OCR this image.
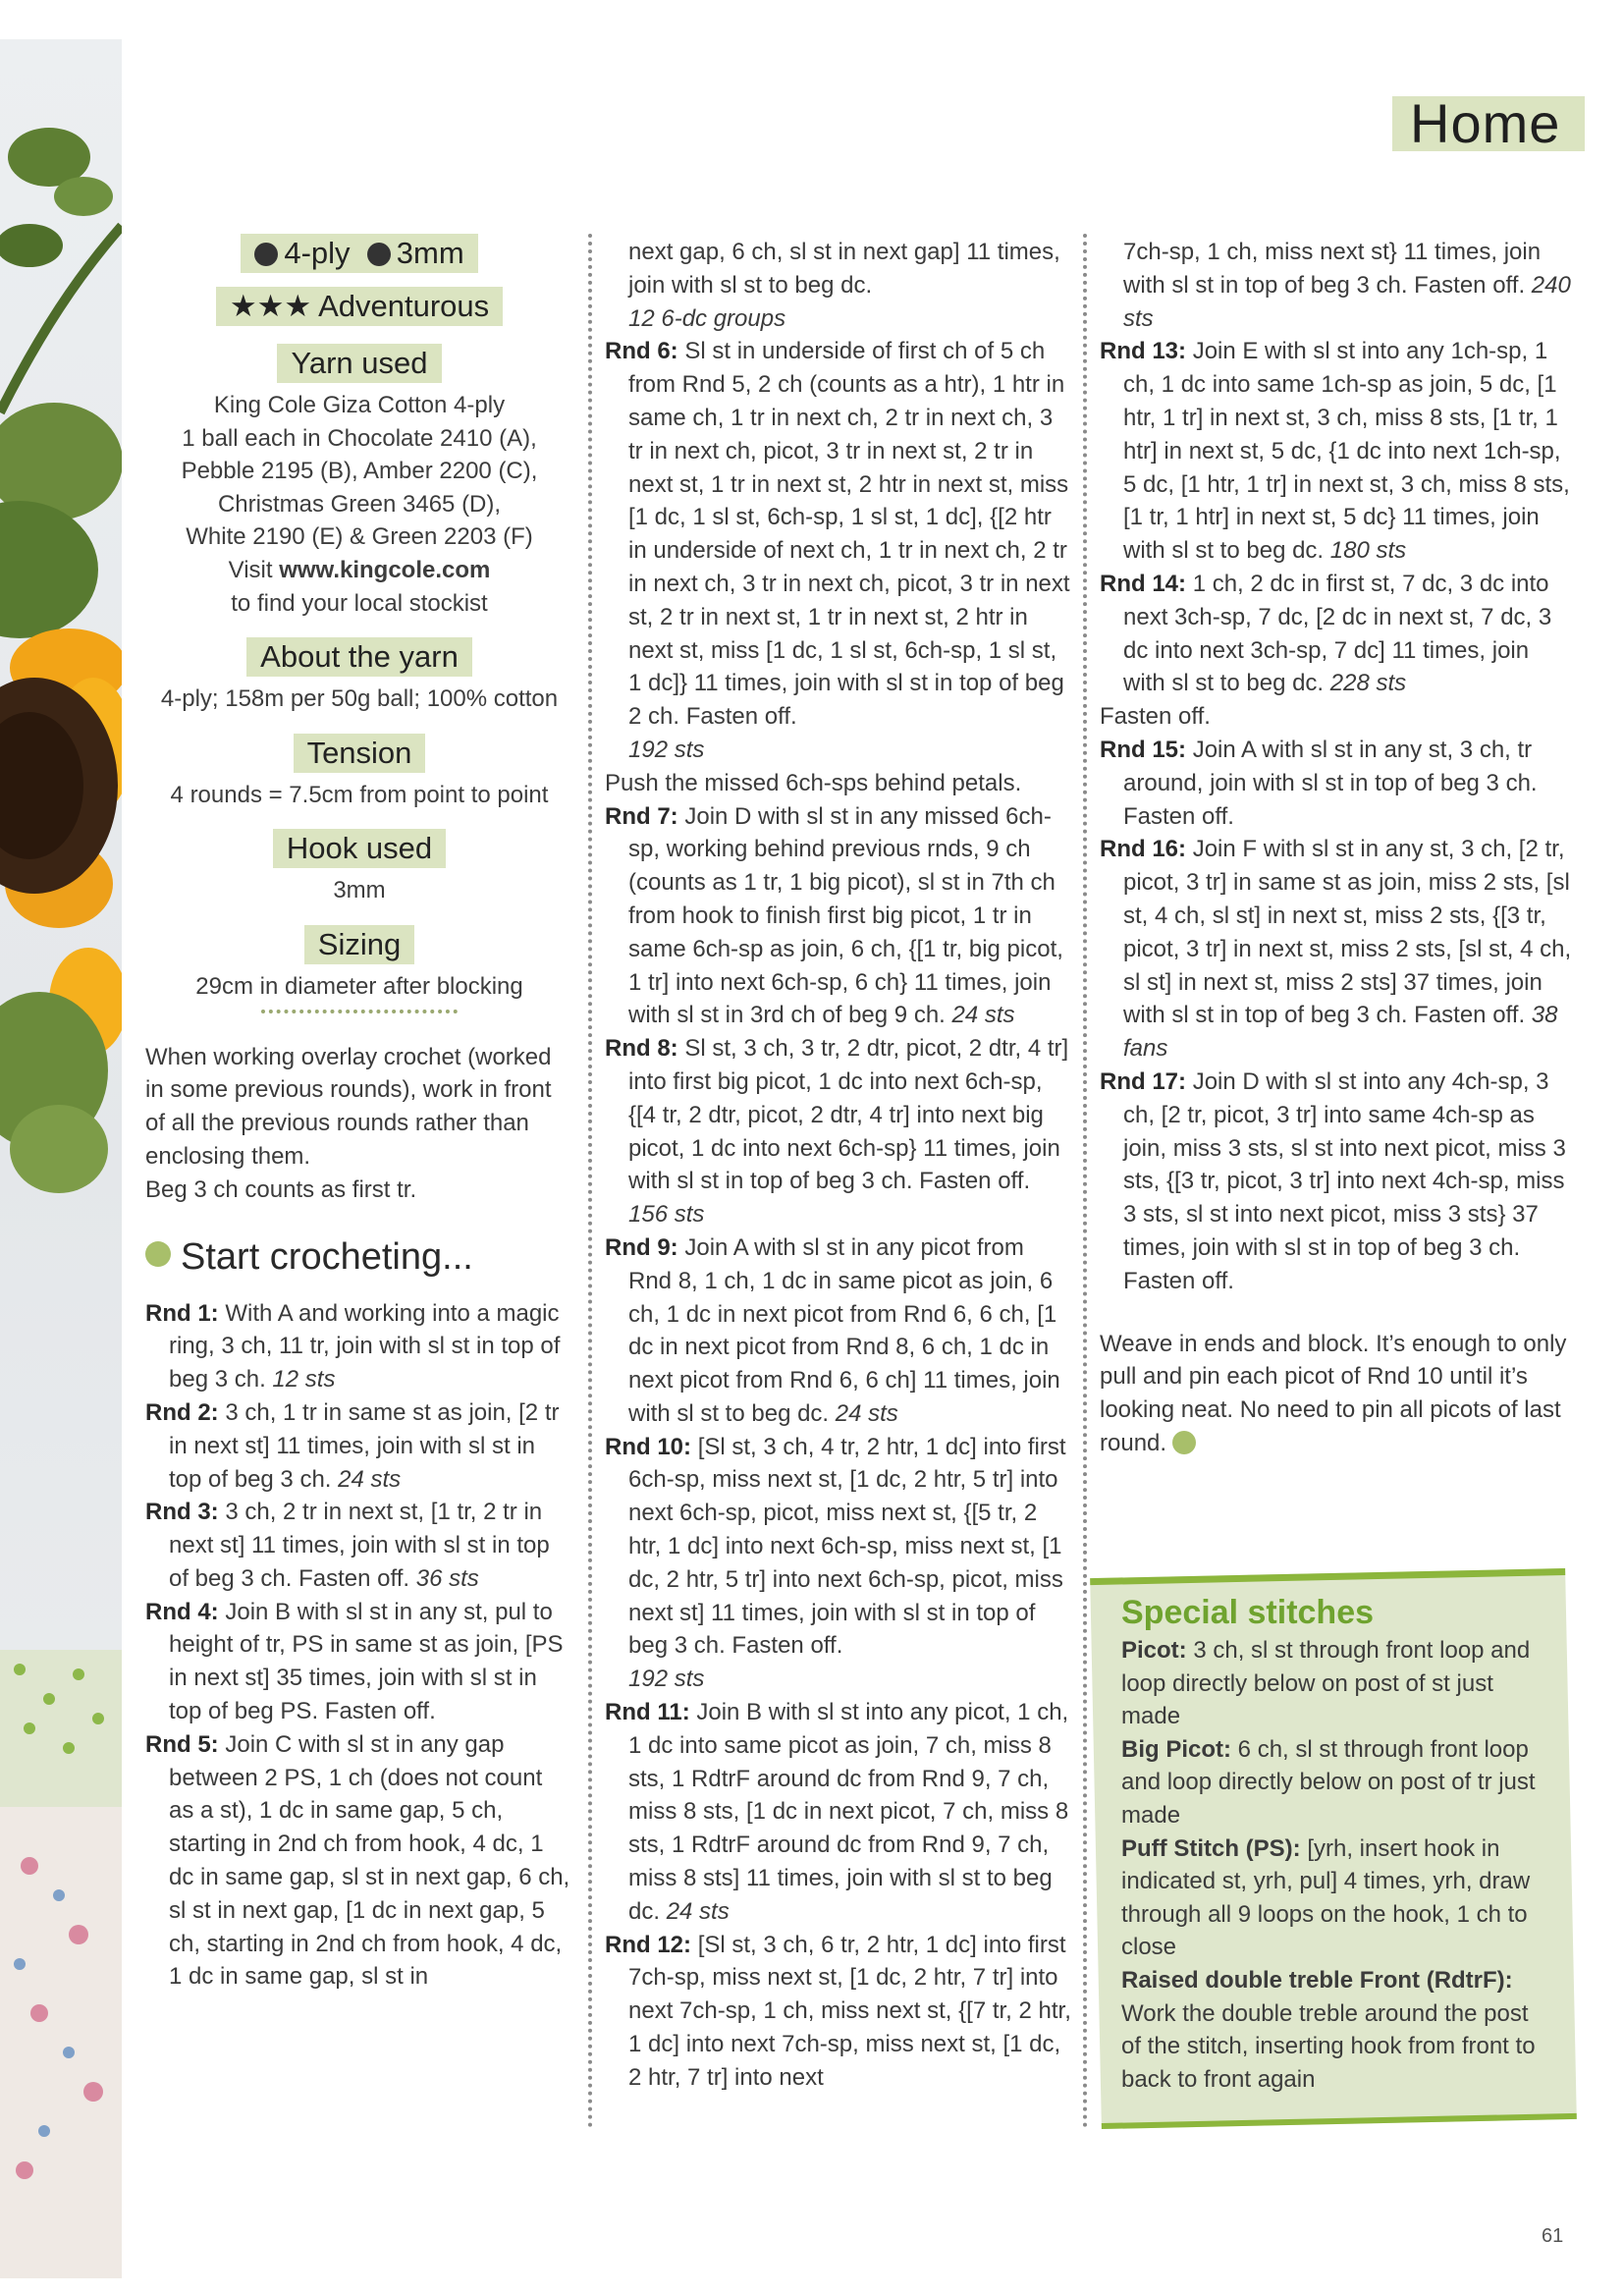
Home
4-ply 3mm
★★★ Adventurous
Yarn used
King Cole Giza Cotton 4-ply
1 ball each in Chocolate 2410 (A),
Pebble 2195 (B), Amber 2200 (C),
Christmas Green 3465 (D),
White 2190 (E) & Green 2203 (F)
Visit www.kingcole.com
to find your local stockist
About the yarn
4-ply; 158m per 50g ball; 100% cotton
Tension
4 rounds = 7.5cm from point to point
Hook used
3mm
Sizing
29cm in diameter after blocking

When working overlay crochet (worked in some previous rounds), work in front of all the previous rounds rather than enclosing them.

Beg 3 ch counts as first tr.

Start crocheting...

Rnd 1: With A and working into a magic ring, 3 ch, 11 tr, join with sl st in top of beg 3 ch. 12 sts

Rnd 2: 3 ch, 1 tr in same st as join, [2 tr in next st] 11 times, join with sl st in top of beg 3 ch. 24 sts

Rnd 3: 3 ch, 2 tr in next st, [1 tr, 2 tr in next st] 11 times, join with sl st in top of beg 3 ch. Fasten off. 36 sts

Rnd 4: Join B with sl st in any st, pul to height of tr, PS in same st as join, [PS in next st] 35 times, join with sl st in top of beg PS. Fasten off.

Rnd 5: Join C with sl st in any gap between 2 PS, 1 ch (does not count as a st), 1 dc in same gap, 5 ch, starting in 2nd ch from hook, 4 dc, 1 dc in same gap, sl st in next gap, 6 ch, sl st in next gap, [1 dc in next gap, 5 ch, starting in 2nd ch from hook, 4 dc, 1 dc in same gap, sl st in

next gap, 6 ch, sl st in next gap] 11 times, join with sl st to beg dc.
12 6-dc groups

Rnd 6: Sl st in underside of first ch of 5 ch from Rnd 5, 2 ch (counts as a htr), 1 htr in same ch, 1 tr in next ch, 2 tr in next ch, 3 tr in next ch, picot, 3 tr in next st, 2 tr in next st, 1 tr in next st, 2 htr in next st, miss [1 dc, 1 sl st, 6ch-sp, 1 sl st, 1 dc], {[2 htr in underside of next ch, 1 tr in next ch, 2 tr in next ch, 3 tr in next ch, picot, 3 tr in next st, 2 tr in next st, 1 tr in next st, 2 htr in next st, miss [1 dc, 1 sl st, 6ch-sp, 1 sl st, 1 dc]} 11 times, join with sl st in top of beg 2 ch. Fasten off.
192 sts

Push the missed 6ch-sps behind petals.

Rnd 7: Join D with sl st in any missed 6ch-sp, working behind previous rnds, 9 ch (counts as 1 tr, 1 big picot), sl st in 7th ch from hook to finish first big picot, 1 tr in same 6ch-sp as join, 6 ch, {[1 tr, big picot, 1 tr] into next 6ch-sp, 6 ch} 11 times, join with sl st in 3rd ch of beg 9 ch. 24 sts

Rnd 8: Sl st, 3 ch, 3 tr, 2 dtr, picot, 2 dtr, 4 tr] into first big picot, 1 dc into next 6ch-sp, {[4 tr, 2 dtr, picot, 2 dtr, 4 tr] into next big picot, 1 dc into next 6ch-sp} 11 times, join with sl st in top of beg 3 ch. Fasten off. 156 sts

Rnd 9: Join A with sl st in any picot from Rnd 8, 1 ch, 1 dc in same picot as join, 6 ch, 1 dc in next picot from Rnd 6, 6 ch, [1 dc in next picot from Rnd 8, 6 ch, 1 dc in next picot from Rnd 6, 6 ch] 11 times, join with sl st to beg dc. 24 sts

Rnd 10: [Sl st, 3 ch, 4 tr, 2 htr, 1 dc] into first 6ch-sp, miss next st, [1 dc, 2 htr, 5 tr] into next 6ch-sp, picot, miss next st, {[5 tr, 2 htr, 1 dc] into next 6ch-sp, miss next st, [1 dc, 2 htr, 5 tr] into next 6ch-sp, picot, miss next st] 11 times, join with sl st in top of beg 3 ch. Fasten off.
192 sts

Rnd 11: Join B with sl st into any picot, 1 ch, 1 dc into same picot as join, 7 ch, miss 8 sts, 1 RdtrF around dc from Rnd 9, 7 ch, miss 8 sts, [1 dc in next picot, 7 ch, miss 8 sts, 1 RdtrF around dc from Rnd 9, 7 ch, miss 8 sts] 11 times, join with sl st to beg dc. 24 sts

Rnd 12: [Sl st, 3 ch, 6 tr, 2 htr, 1 dc] into first 7ch-sp, miss next st, [1 dc, 2 htr, 7 tr] into next 7ch-sp, 1 ch, miss next st, {[7 tr, 2 htr, 1 dc] into next 7ch-sp, miss next st, [1 dc, 2 htr, 7 tr] into next

7ch-sp, 1 ch, miss next st} 11 times, join with sl st in top of beg 3 ch. Fasten off. 240 sts

Rnd 13: Join E with sl st into any 1ch-sp, 1 ch, 1 dc into same 1ch-sp as join, 5 dc, [1 htr, 1 tr] in next st, 3 ch, miss 8 sts, [1 tr, 1 htr] in next st, 5 dc, {1 dc into next 1ch-sp, 5 dc, [1 htr, 1 tr] in next st, 3 ch, miss 8 sts, [1 tr, 1 htr] in next st, 5 dc} 11 times, join with sl st to beg dc. 180 sts

Rnd 14: 1 ch, 2 dc in first st, 7 dc, 3 dc into next 3ch-sp, 7 dc, [2 dc in next st, 7 dc, 3 dc into next 3ch-sp, 7 dc] 11 times, join with sl st to beg dc. 228 sts

Fasten off.

Rnd 15: Join A with sl st in any st, 3 ch, tr around, join with sl st in top of beg 3 ch. Fasten off.

Rnd 16: Join F with sl st in any st, 3 ch, [2 tr, picot, 3 tr] in same st as join, miss 2 sts, [sl st, 4 ch, sl st] in next st, miss 2 sts, {[3 tr, picot, 3 tr] in next st, miss 2 sts, [sl st, 4 ch, sl st] in next st, miss 2 sts] 37 times, join with sl st in top of beg 3 ch. Fasten off. 38 fans

Rnd 17: Join D with sl st into any 4ch-sp, 3 ch, [2 tr, picot, 3 tr] into same 4ch-sp as join, miss 3 sts, sl st into next picot, miss 3 sts, {[3 tr, picot, 3 tr] into next 4ch-sp, miss 3 sts, sl st into next picot, miss 3 sts} 37 times, join with sl st in top of beg 3 ch. Fasten off.

Weave in ends and block. It’s enough to only pull and pin each picot of Rnd 10 until it’s looking neat. No need to pin all picots of last round.

Special stitches

Picot: 3 ch, sl st through front loop and loop directly below on post of st just made

Big Picot: 6 ch, sl st through front loop and loop directly below on post of tr just made

Puff Stitch (PS): [yrh, insert hook in indicated st, yrh, pul] 4 times, yrh, draw through all 9 loops on the hook, 1 ch to close

Raised double treble Front (RdtrF): Work the double treble around the post of the stitch, inserting hook from front to back to front again

61
